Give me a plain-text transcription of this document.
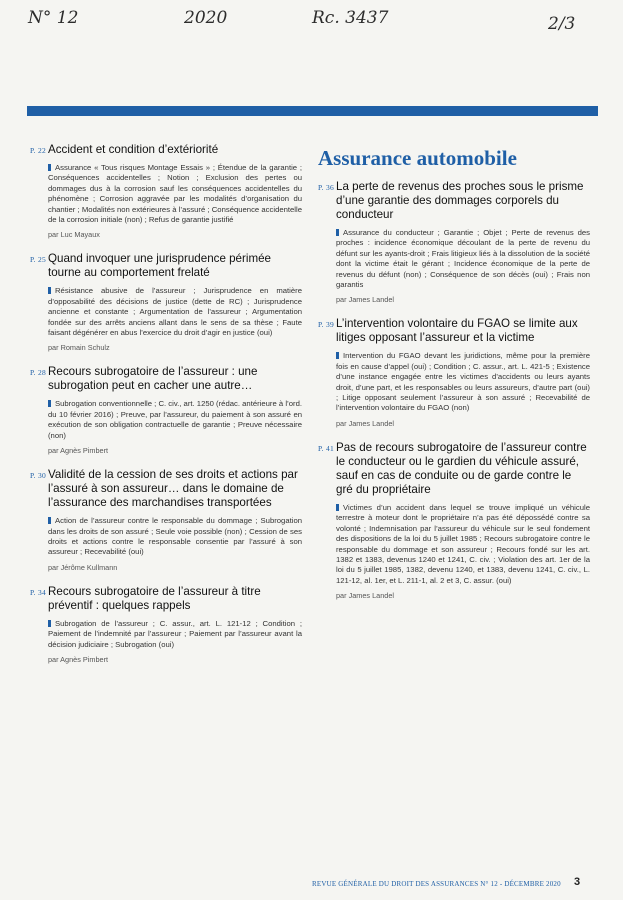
N° 12	2020	Rc. 3437	2/3
P. 22 Accident et condition d’extériorité

Assurance « Tous risques Montage Essais » ; Étendue de la garantie ; Conséquences accidentelles ; Notion ; Exclusion des pertes ou dommages dus à la corrosion sauf les conséquences accidentelles du phénomène ; Corrosion aggravée par les modalités d’organisation du chantier ; Modalités non extérieures à l’assuré ; Conséquence accidentelle de la corrosion initiale (non) ; Refus de garantie justifié

par Luc Mayaux

P. 25 Quand invoquer une jurisprudence périmée tourne au comportement frelaté

Résistance abusive de l’assureur ; Jurisprudence en matière d’opposabilité des décisions de justice (dette de RC) ; Jurisprudence ancienne et constante ; Argumentation de l’assureur ; Argumentation fondée sur des arrêts anciens allant dans le sens de sa thèse ; Faute faisant dégénérer en abus l’exercice du droit d’agir en justice (oui)

par Romain Schulz

P. 28 Recours subrogatoire de l’assureur : une subrogation peut en cacher une autre…

Subrogation conventionnelle ; C. civ., art. 1250 (rédac. antérieure à l’ord. du 10 février 2016) ; Preuve, par l’assureur, du paiement à son assuré en exécution de son obligation contractuelle de garantie ; Preuve nécessaire (non)

par Agnès Pimbert

P. 30 Validité de la cession de ses droits et actions par l’assuré à son assureur… dans le domaine de l’assurance des marchandises transportées

Action de l’assureur contre le responsable du dommage ; Subrogation dans les droits de son assuré ; Seule voie possible (non) ; Cession de ses droits et actions contre le responsable consentie par l’assuré à son assureur ; Recevabilité (oui)

par Jérôme Kullmann

P. 34 Recours subrogatoire de l’assureur à titre préventif : quelques rappels

Subrogation de l’assureur ; C. assur., art. L. 121-12 ; Condition ; Paiement de l’indemnité par l’assureur ; Paiement par l’assureur avant la décision judiciaire ; Subrogation (oui)

par Agnès Pimbert

Assurance automobile
P. 36 La perte de revenus des proches sous le prisme d’une garantie des dommages corporels du conducteur

Assurance du conducteur ; Garantie ; Objet ; Perte de revenus des proches : incidence économique découlant de la perte de revenu du défunt sur les ayants-droit ; Frais litigieux liés à la dissolution de la société dont la victime était le gérant ; Incidence économique de la perte de revenus du défunt (non) ; Conséquence de son décès (oui) ; Frais non garantis

par James Landel

P. 39 L’intervention volontaire du FGAO se limite aux litiges opposant l’assureur et la victime

Intervention du FGAO devant les juridictions, même pour la première fois en cause d’appel (oui) ; Condition ; C. assur., art. L. 421-5 ; Existence d’une instance engagée entre les victimes d’accidents ou leurs ayants droit, d’une part, et les responsables ou leurs assureurs, d’autre part (oui) ; Litige opposant seulement l’assureur à son assuré ; Recevabilité de l’intervention volontaire du FGAO (non)

par James Landel

P. 41 Pas de recours subrogatoire de l’assureur contre le conducteur ou le gardien du véhicule assuré, sauf en cas de conduite ou de garde contre le gré du propriétaire

Victimes d’un accident dans lequel se trouve impliqué un véhicule terrestre à moteur dont le propriétaire n’a pas été dépossédé contre sa volonté ; Indemnisation par l’assureur du véhicule sur le seul fondement des dispositions de la loi du 5 juillet 1985 ; Recours subrogatoire contre le responsable du dommage et son assureur ; Recours fondé sur les art. 1382 et 1383, devenus 1240 et 1241, C. civ. ; Violation des art. 1er de la loi du 5 juillet 1985, 1382, devenu 1240, et 1383, devenu 1241, C. civ., L. 121-12, al. 1er, et L. 211-1, al. 2 et 3, C. assur. (oui)

par James Landel

REVUE GÉNÉRALE DU DROIT DES ASSURANCES N° 12 - DÉCEMBRE 2020	3
